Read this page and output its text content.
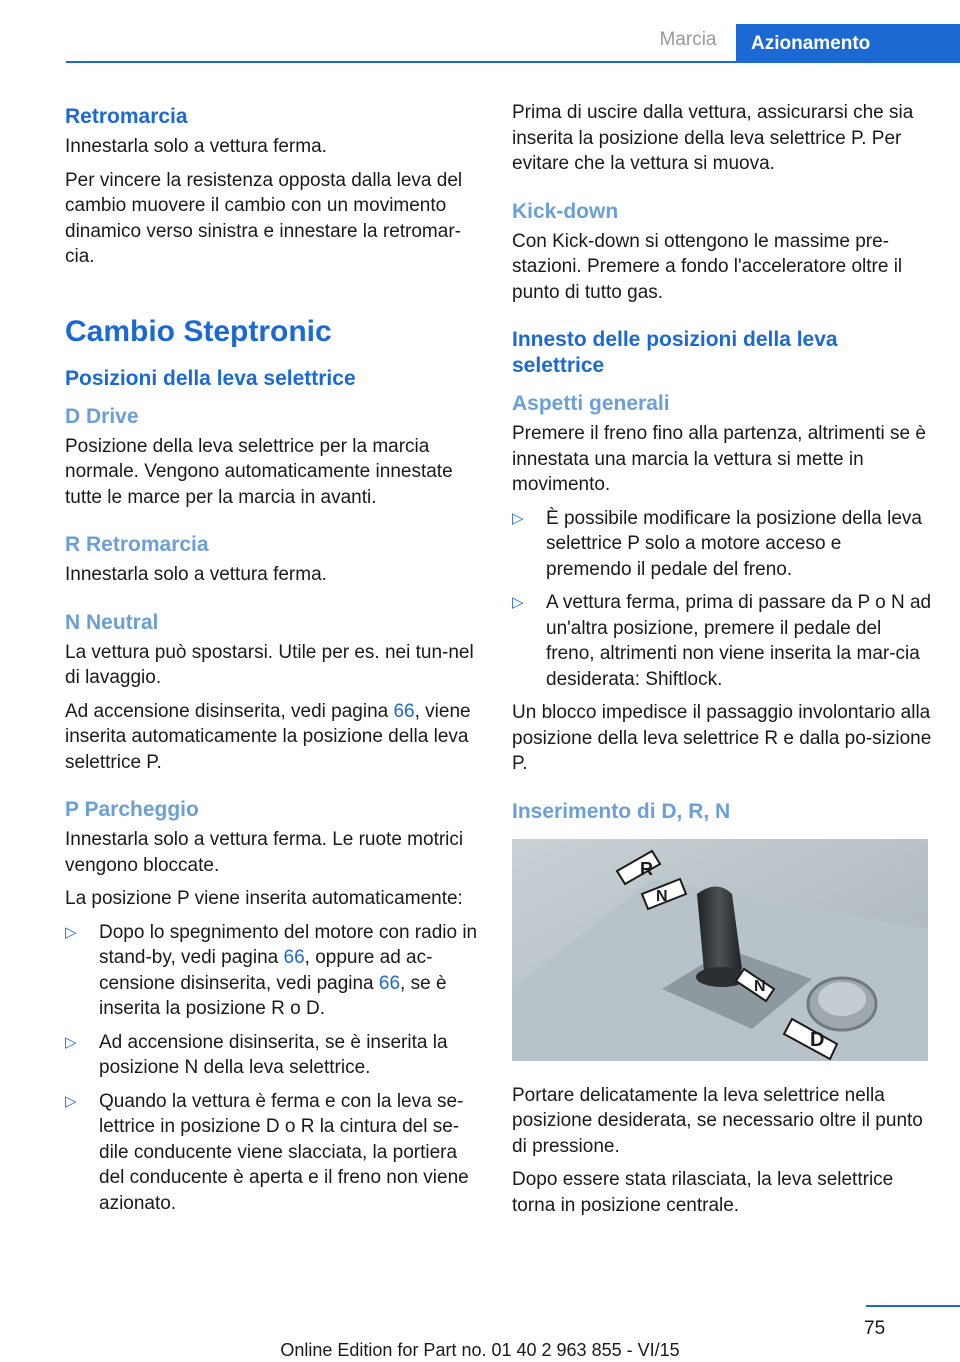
Marcia	Azionamento
Retromarcia

Innestarla solo a vettura ferma.

Per vincere la resistenza opposta dalla leva del cambio muovere il cambio con un movimento dinamico verso sinistra e innestare la retromar-cia.

Cambio Steptronic
Posizioni della leva selettrice
D Drive

Posizione della leva selettrice per la marcia normale. Vengono automaticamente innestate tutte le marce per la marcia in avanti.

R Retromarcia

Innestarla solo a vettura ferma.

N Neutral

La vettura può spostarsi. Utile per es. nei tun-nel di lavaggio.

Ad accensione disinserita, vedi pagina 66, viene inserita automaticamente la posizione della leva selettrice P.

P Parcheggio

Innestarla solo a vettura ferma. Le ruote motrici vengono bloccate.

La posizione P viene inserita automaticamente:

▷ Dopo lo spegnimento del motore con radio in stand-by, vedi pagina 66, oppure ad ac-censione disinserita, vedi pagina 66, se è inserita la posizione R o D.
▷ Ad accensione disinserita, se è inserita la posizione N della leva selettrice.
▷ Quando la vettura è ferma e con la leva se-lettrice in posizione D o R la cintura del se-dile conducente viene slacciata, la portiera del conducente è aperta e il freno non viene azionato.

Prima di uscire dalla vettura, assicurarsi che sia inserita la posizione della leva selettrice P. Per evitare che la vettura si muova.

Kick-down

Con Kick-down si ottengono le massime pre-stazioni. Premere a fondo l'acceleratore oltre il punto di tutto gas.

Innesto delle posizioni della leva selettrice
Aspetti generali

Premere il freno fino alla partenza, altrimenti se è innestata una marcia la vettura si mette in movimento.

▷ È possibile modificare la posizione della leva selettrice P solo a motore acceso e premendo il pedale del freno.
▷ A vettura ferma, prima di passare da P o N ad un'altra posizione, premere il pedale del freno, altrimenti non viene inserita la mar-cia desiderata: Shiftlock.

Un blocco impedisce il passaggio involontario alla posizione della leva selettrice R e dalla po-sizione P.

Inserimento di D, R, N
R
N
N
D

Portare delicatamente la leva selettrice nella posizione desiderata, se necessario oltre il punto di pressione.

Dopo essere stata rilasciata, la leva selettrice torna in posizione centrale.

75
Online Edition for Part no. 01 40 2 963 855 - VI/15
